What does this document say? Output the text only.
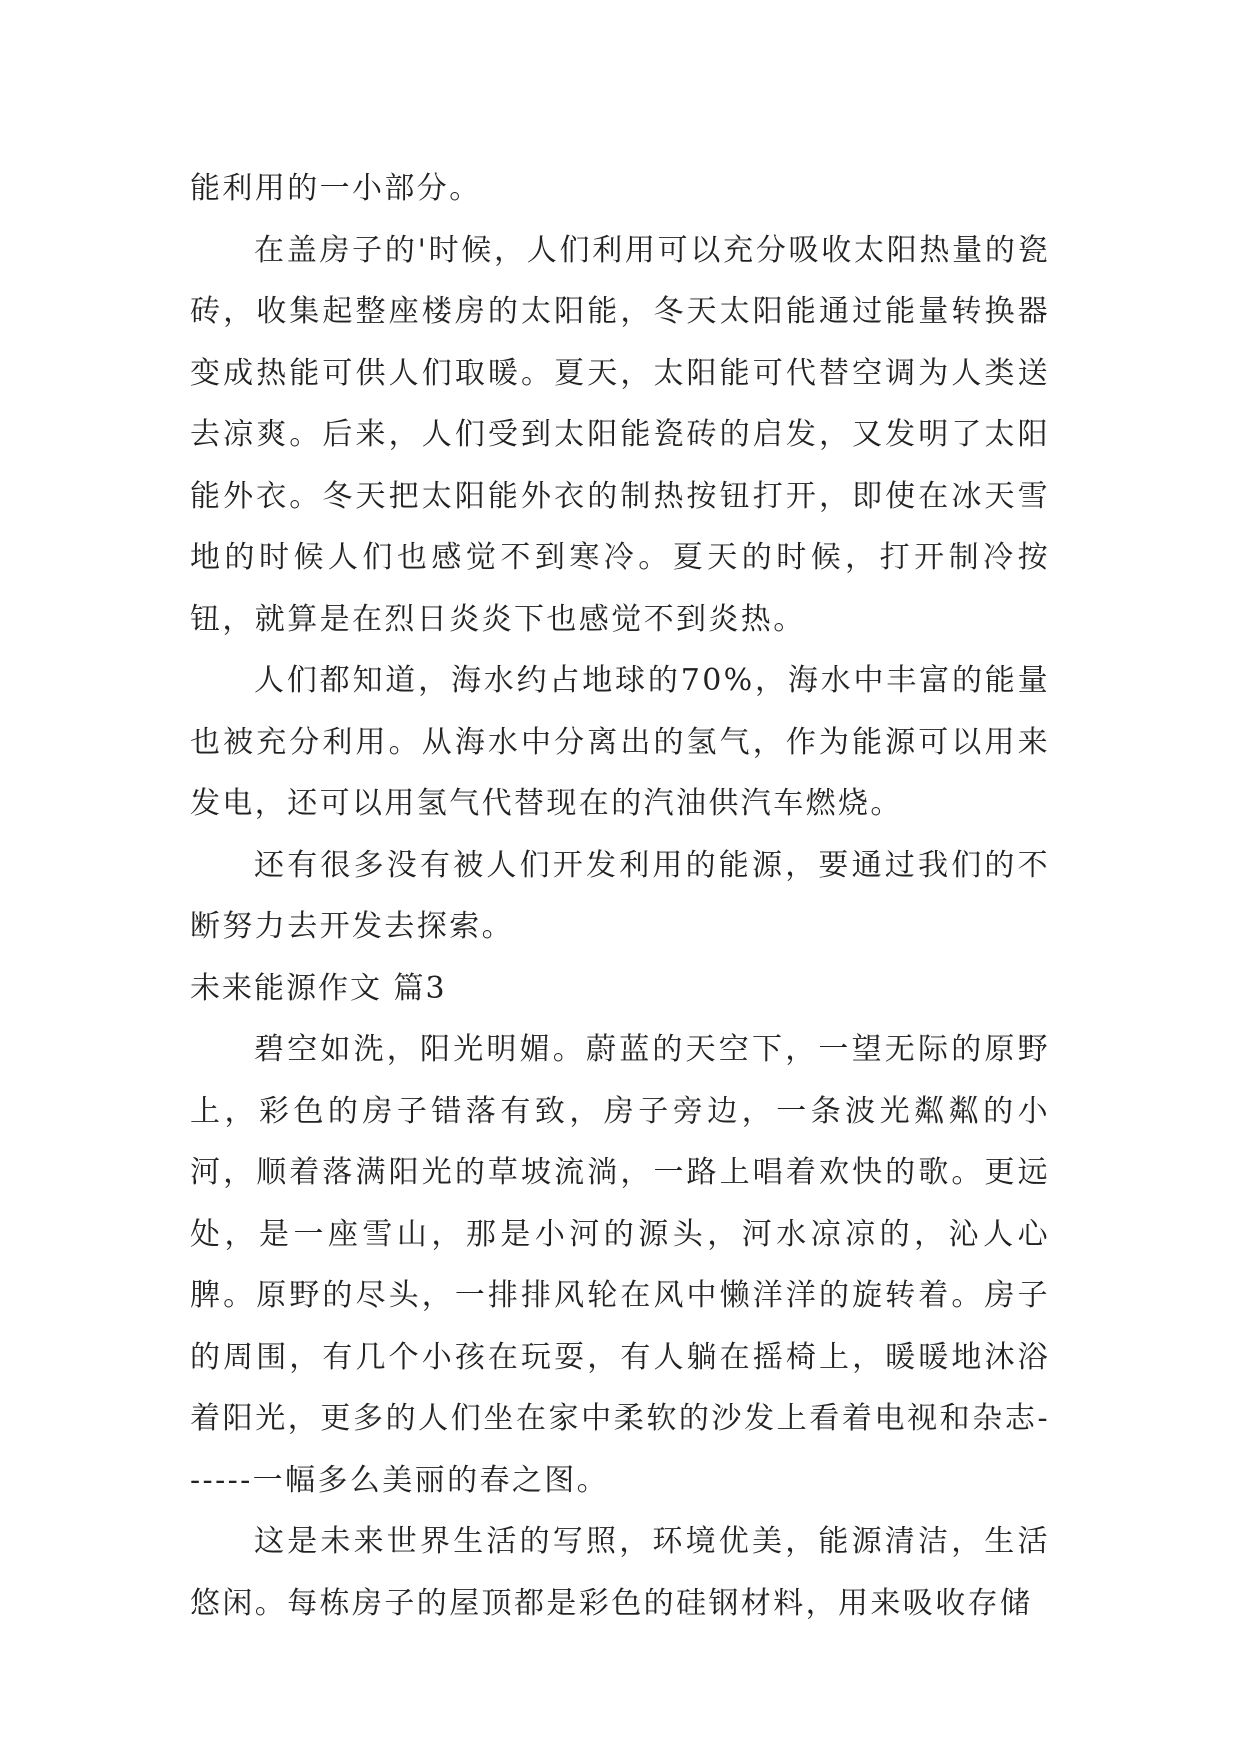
能利用的一小部分。

在盖房子的'时候，人们利用可以充分吸收太阳热量的瓷砖，收集起整座楼房的太阳能，冬天太阳能通过能量转换器变成热能可供人们取暖。夏天，太阳能可代替空调为人类送去凉爽。后来，人们受到太阳能瓷砖的启发，又发明了太阳能外衣。冬天把太阳能外衣的制热按钮打开，即使在冰天雪地的时候人们也感觉不到寒冷。夏天的时候，打开制冷按钮，就算是在烈日炎炎下也感觉不到炎热。

人们都知道，海水约占地球的70%，海水中丰富的能量也被充分利用。从海水中分离出的氢气，作为能源可以用来发电，还可以用氢气代替现在的汽油供汽车燃烧。

还有很多没有被人们开发利用的能源，要通过我们的不断努力去开发去探索。

未来能源作文 篇3

碧空如洗，阳光明媚。蔚蓝的天空下，一望无际的原野上，彩色的房子错落有致，房子旁边，一条波光粼粼的小河，顺着落满阳光的草坡流淌，一路上唱着欢快的歌。更远处，是一座雪山，那是小河的源头，河水凉凉的，沁人心脾。原野的尽头，一排排风轮在风中懒洋洋的旋转着。房子的周围，有几个小孩在玩耍，有人躺在摇椅上，暖暖地沐浴着阳光，更多的人们坐在家中柔软的沙发上看着电视和杂志------一幅多么美丽的春之图。

这是未来世界生活的写照，环境优美，能源清洁，生活悠闲。每栋房子的屋顶都是彩色的硅钢材料，用来吸收存储
